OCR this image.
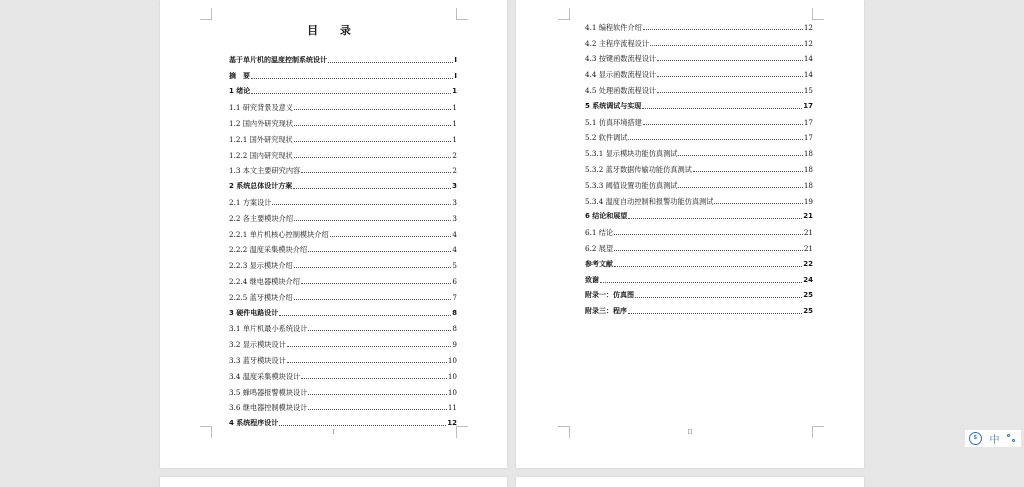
目 录
基于单片机的温度控制系统设计	I
摘　要	I
1 绪论	1
1.1 研究背景及意义	1
1.2 国内外研究现状	1
1.2.1 国外研究现状	1
1.2.2 国内研究现状	2
1.3 本文主要研究内容	2
2 系统总体设计方案	3
2.1 方案设计	3
2.2 各主要模块介绍	3
2.2.1 单片机核心控制模块介绍	4
2.2.2 温度采集模块介绍	4
2.2.3 显示模块介绍	5
2.2.4 继电器模块介绍	6
2.2.5 蓝牙模块介绍	7
3 硬件电路设计	8
3.1 单片机最小系统设计	8
3.2 显示模块设计	9
3.3 蓝牙模块设计	10
3.4 温度采集模块设计	10
3.5 蜂鸣器报警模块设计	10
3.6 继电器控制模块设计	11
4 系统程序设计	12
I
4.1 编程软件介绍	12
4.2 主程序流程设计	12
4.3 按键函数流程设计	14
4.4 显示函数流程设计	14
4.5 处理函数流程设计	15
5 系统调试与实现	17
5.1 仿真环境搭建	17
5.2 软件调试	17
5.3.1 显示模块功能仿真测试	18
5.3.2 蓝牙数据传输功能仿真测试	18
5.3.3 阈值设置功能仿真测试	18
5.3.4 温度自动控制和报警功能仿真测试	19
6 结论和展望	21
6.1 结论	21
6.2 展望	21
参考文献	22
致谢	24
附录一：仿真图	25
附录三：程序	25
II
S	中
